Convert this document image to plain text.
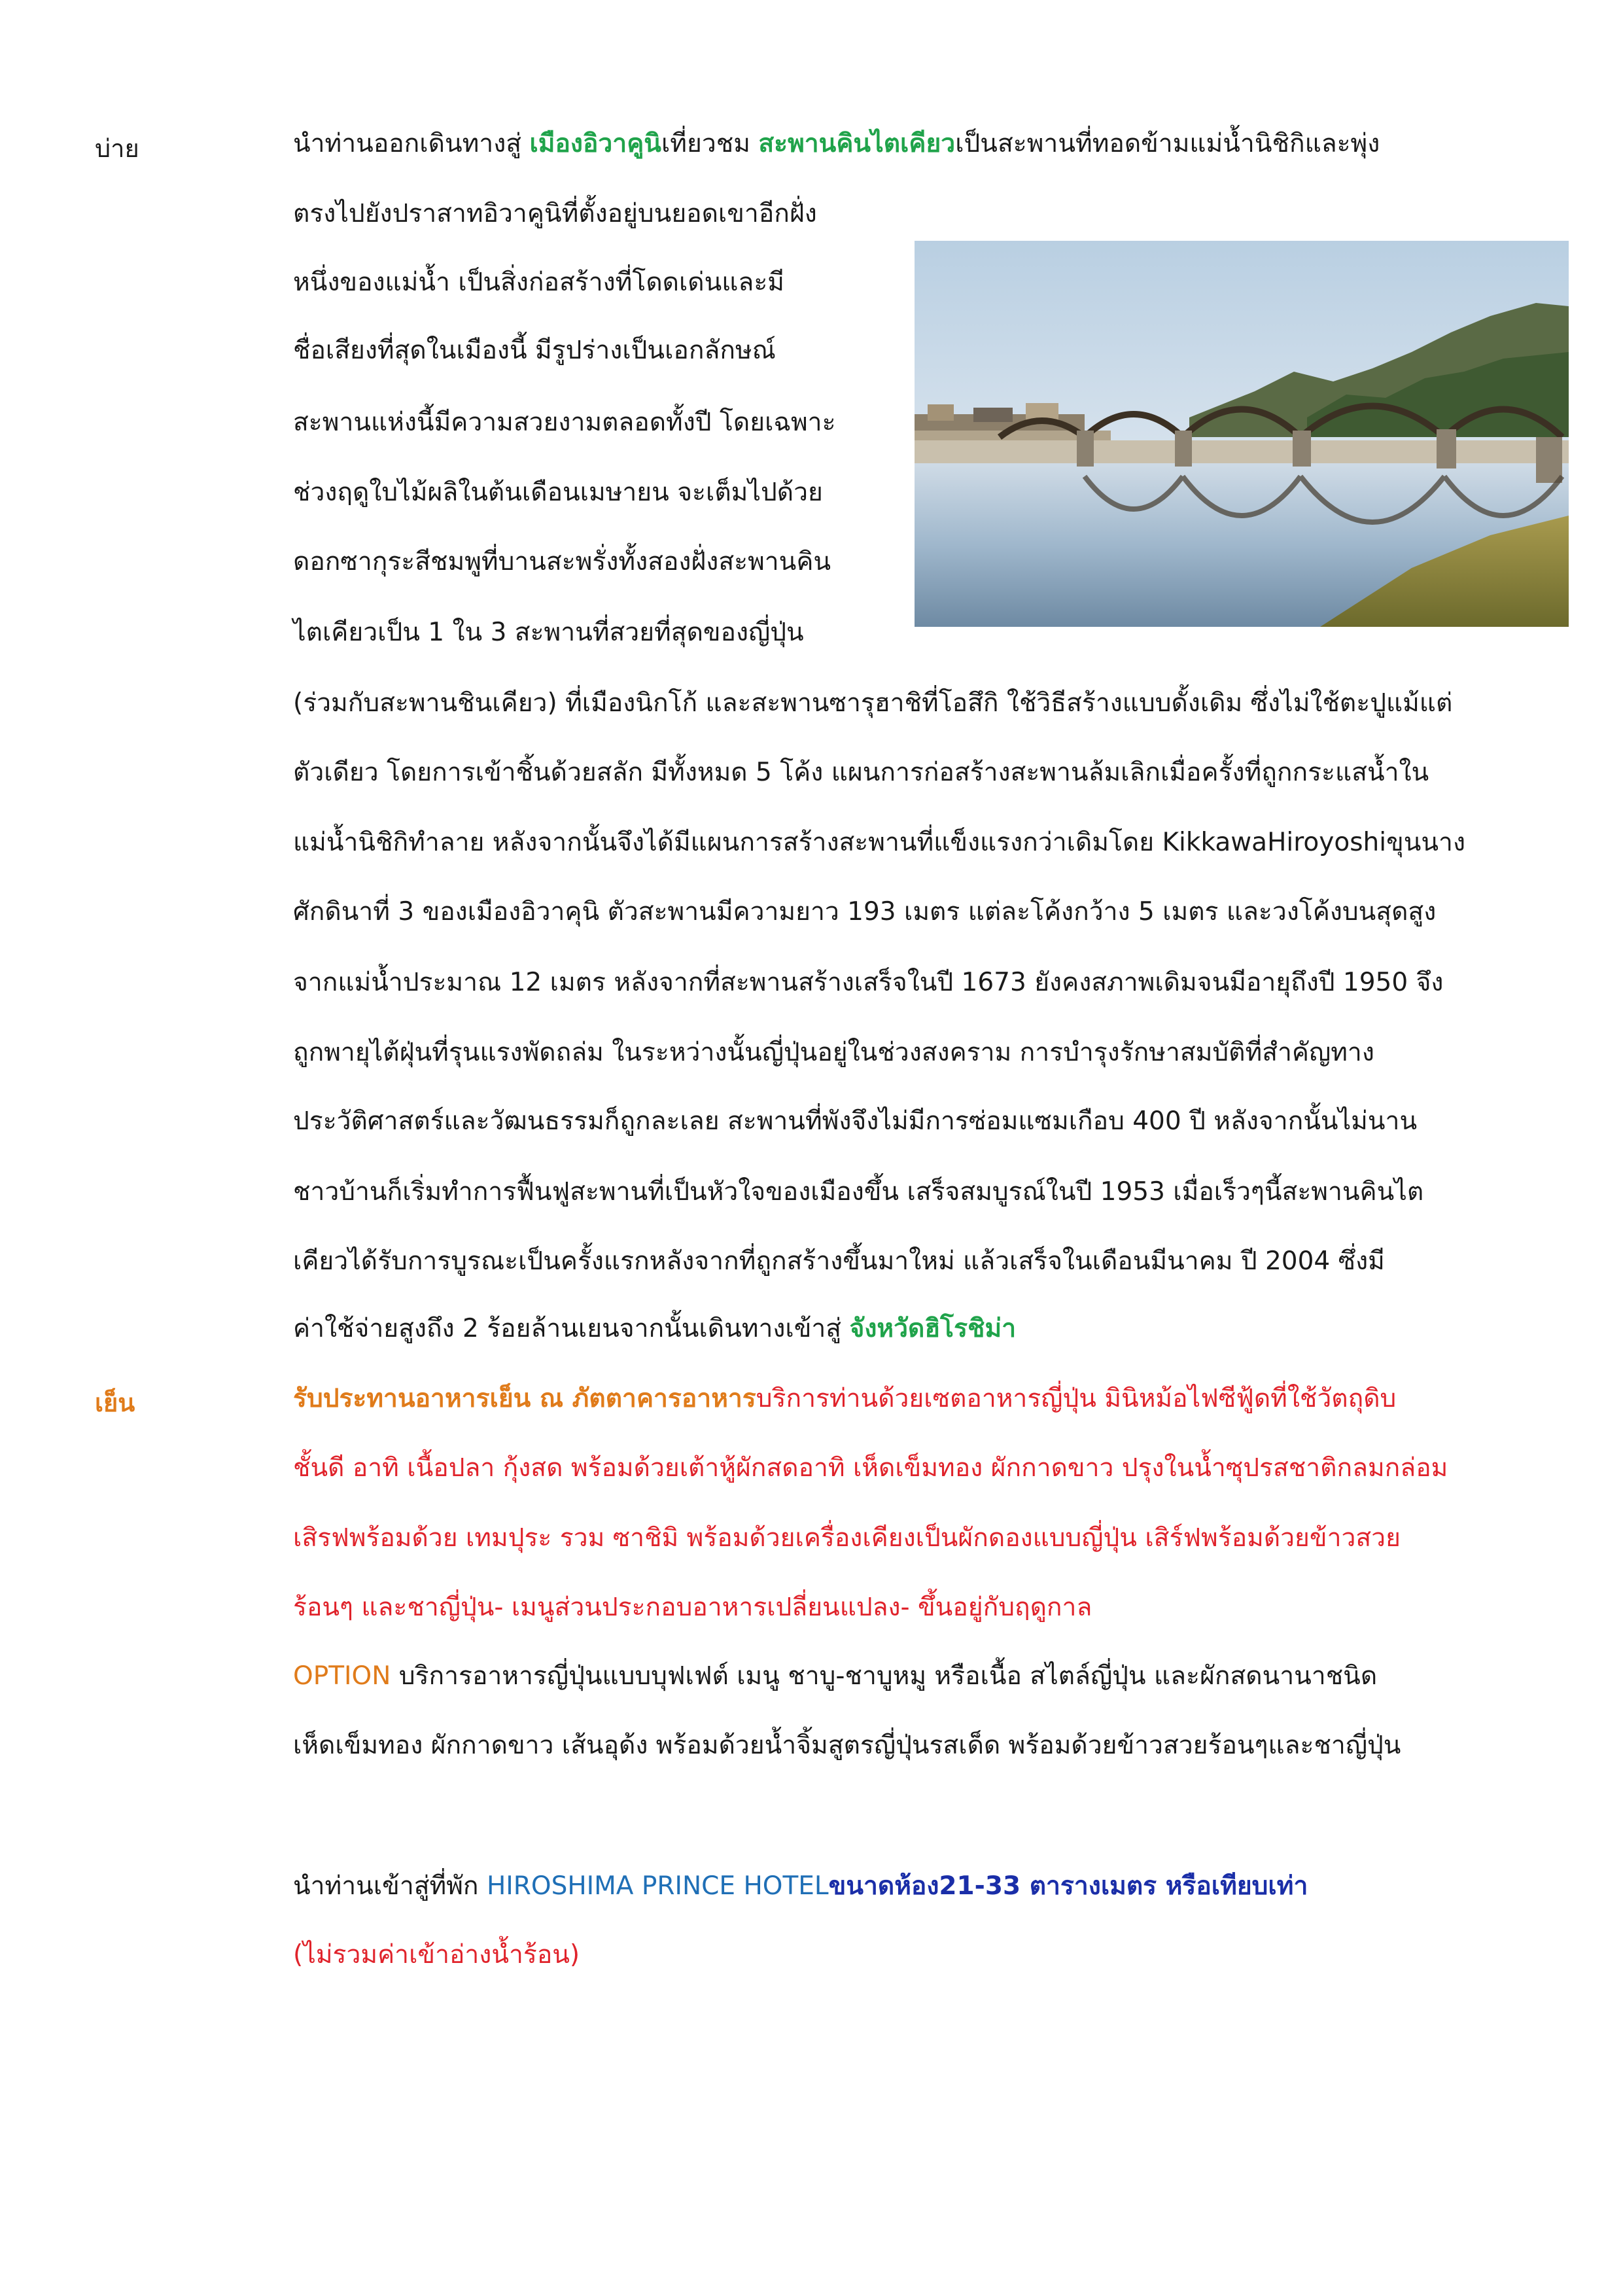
บ่าย	นำท่านออกเดินทางสู่ เมืองอิวาคูนิเที่ยวชม สะพานคินไตเคียวเป็นสะพานที่ทอดข้ามแม่น้ำนิชิกิและพุ่ง
ตรงไปยังปราสาทอิวาคูนิที่ตั้งอยู่บนยอดเขาอีกฝั่ง
หนึ่งของแม่น้ำ เป็นสิ่งก่อสร้างที่โดดเด่นและมี
ชื่อเสียงที่สุดในเมืองนี้ มีรูปร่างเป็นเอกลักษณ์
สะพานแห่งนี้มีความสวยงามตลอดทั้งปี โดยเฉพาะ
ช่วงฤดูใบไม้ผลิในต้นเดือนเมษายน จะเต็มไปด้วย
ดอกซากุระสีชมพูที่บานสะพรั่งทั้งสองฝั่งสะพานคิน
ไตเคียวเป็น 1 ใน 3 สะพานที่สวยที่สุดของญี่ปุ่น
(ร่วมกับสะพานชินเคียว) ที่เมืองนิกโก้ และสะพานซารุฮาชิที่โอสึกิ ใช้วิธีสร้างแบบดั้งเดิม ซึ่งไม่ใช้ตะปูแม้แต่
ตัวเดียว โดยการเข้าชิ้นด้วยสลัก มีทั้งหมด 5 โค้ง แผนการก่อสร้างสะพานล้มเลิกเมื่อครั้งที่ถูกกระแสน้ำใน
แม่น้ำนิชิกิทำลาย หลังจากนั้นจึงได้มีแผนการสร้างสะพานที่แข็งแรงกว่าเดิมโดย KikkawaHiroyoshiขุนนาง
ศักดินาที่ 3 ของเมืองอิวาคุนิ ตัวสะพานมีความยาว 193 เมตร แต่ละโค้งกว้าง 5 เมตร และวงโค้งบนสุดสูง
จากแม่น้ำประมาณ 12 เมตร หลังจากที่สะพานสร้างเสร็จในปี 1673 ยังคงสภาพเดิมจนมีอายุถึงปี 1950 จึง
ถูกพายุไต้ฝุ่นที่รุนแรงพัดถล่ม ในระหว่างนั้นญี่ปุ่นอยู่ในช่วงสงคราม การบำรุงรักษาสมบัติที่สำคัญทาง
ประวัติศาสตร์และวัฒนธรรมก็ถูกละเลย สะพานที่พังจึงไม่มีการซ่อมแซมเกือบ 400 ปี หลังจากนั้นไม่นาน
ชาวบ้านก็เริ่มทำการฟื้นฟูสะพานที่เป็นหัวใจของเมืองขึ้น เสร็จสมบูรณ์ในปี 1953 เมื่อเร็วๆนี้สะพานคินไต
เคียวได้รับการบูรณะเป็นครั้งแรกหลังจากที่ถูกสร้างขึ้นมาใหม่ แล้วเสร็จในเดือนมีนาคม ปี 2004 ซึ่งมี
ค่าใช้จ่ายสูงถึง 2 ร้อยล้านเยนจากนั้นเดินทางเข้าสู่ จังหวัดฮิโรชิม่า
เย็น	รับประทานอาหารเย็น ณ ภัตตาคารอาหารบริการท่านด้วยเซตอาหารญี่ปุ่น มินิหม้อไฟซีฟู้ดที่ใช้วัตถุดิบ
ชั้นดี อาทิ เนื้อปลา กุ้งสด พร้อมด้วยเต้าหู้ผักสดอาทิ เห็ดเข็มทอง ผักกาดขาว ปรุงในน้ำซุปรสชาติกลมกล่อม
เสิรฟพร้อมด้วย เทมปุระ รวม ซาชิมิ พร้อมด้วยเครื่องเคียงเป็นผักดองแบบญี่ปุ่น เสิร์ฟพร้อมด้วยข้าวสวย
ร้อนๆ และชาญี่ปุ่น- เมนูส่วนประกอบอาหารเปลี่ยนแปลง- ขึ้นอยู่กับฤดูกาล
OPTION บริการอาหารญี่ปุ่นแบบบุฟเฟต์ เมนู ชาบู-ชาบูหมู หรือเนื้อ สไตล์ญี่ปุ่น และผักสดนานาชนิด
เห็ดเข็มทอง ผักกาดขาว เส้นอุด้ง พร้อมด้วยน้ำจิ้มสูตรญี่ปุ่นรสเด็ด พร้อมด้วยข้าวสวยร้อนๆและชาญี่ปุ่น
นำท่านเข้าสู่ที่พัก HIROSHIMA PRINCE HOTELขนาดห้อง21-33 ตารางเมตร หรือเทียบเท่า
(ไม่รวมค่าเข้าอ่างน้ำร้อน)
